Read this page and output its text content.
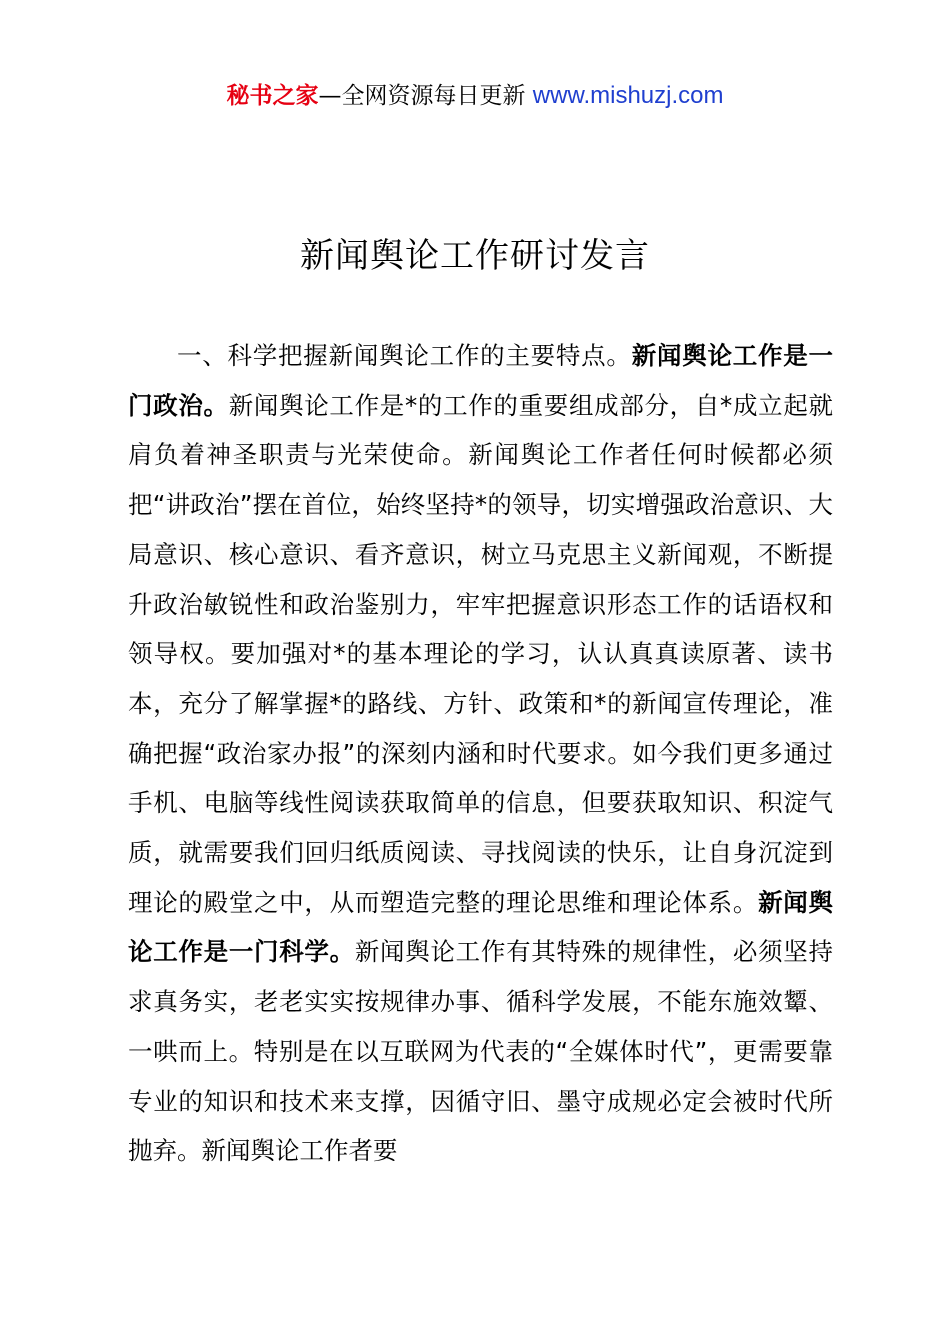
秘书之家—全网资源每日更新 www.mishuzj.com
新闻舆论工作研讨发言

一、科学把握新闻舆论工作的主要特点。新闻舆论工作是一门政治。新闻舆论工作是*的工作的重要组成部分，自*成立起就肩负着神圣职责与光荣使命。新闻舆论工作者任何时候都必须把“讲政治”摆在首位，始终坚持*的领导，切实增强政治意识、大局意识、核心意识、看齐意识，树立马克思主义新闻观，不断提升政治敏锐性和政治鉴别力，牢牢把握意识形态工作的话语权和领导权。要加强对*的基本理论的学习，认认真真读原著、读书本，充分了解掌握*的路线、方针、政策和*的新闻宣传理论，准确把握“政治家办报”的深刻内涵和时代要求。如今我们更多通过手机、电脑等线性阅读获取简单的信息，但要获取知识、积淀气质，就需要我们回归纸质阅读、寻找阅读的快乐，让自身沉淀到理论的殿堂之中，从而塑造完整的理论思维和理论体系。新闻舆论工作是一门科学。新闻舆论工作有其特殊的规律性，必须坚持求真务实，老老实实按规律办事、循科学发展，不能东施效颦、一哄而上。特别是在以互联网为代表的“全媒体时代”，更需要靠专业的知识和技术来支撑，因循守旧、墨守成规必定会被时代所抛弃。新闻舆论工作者要
